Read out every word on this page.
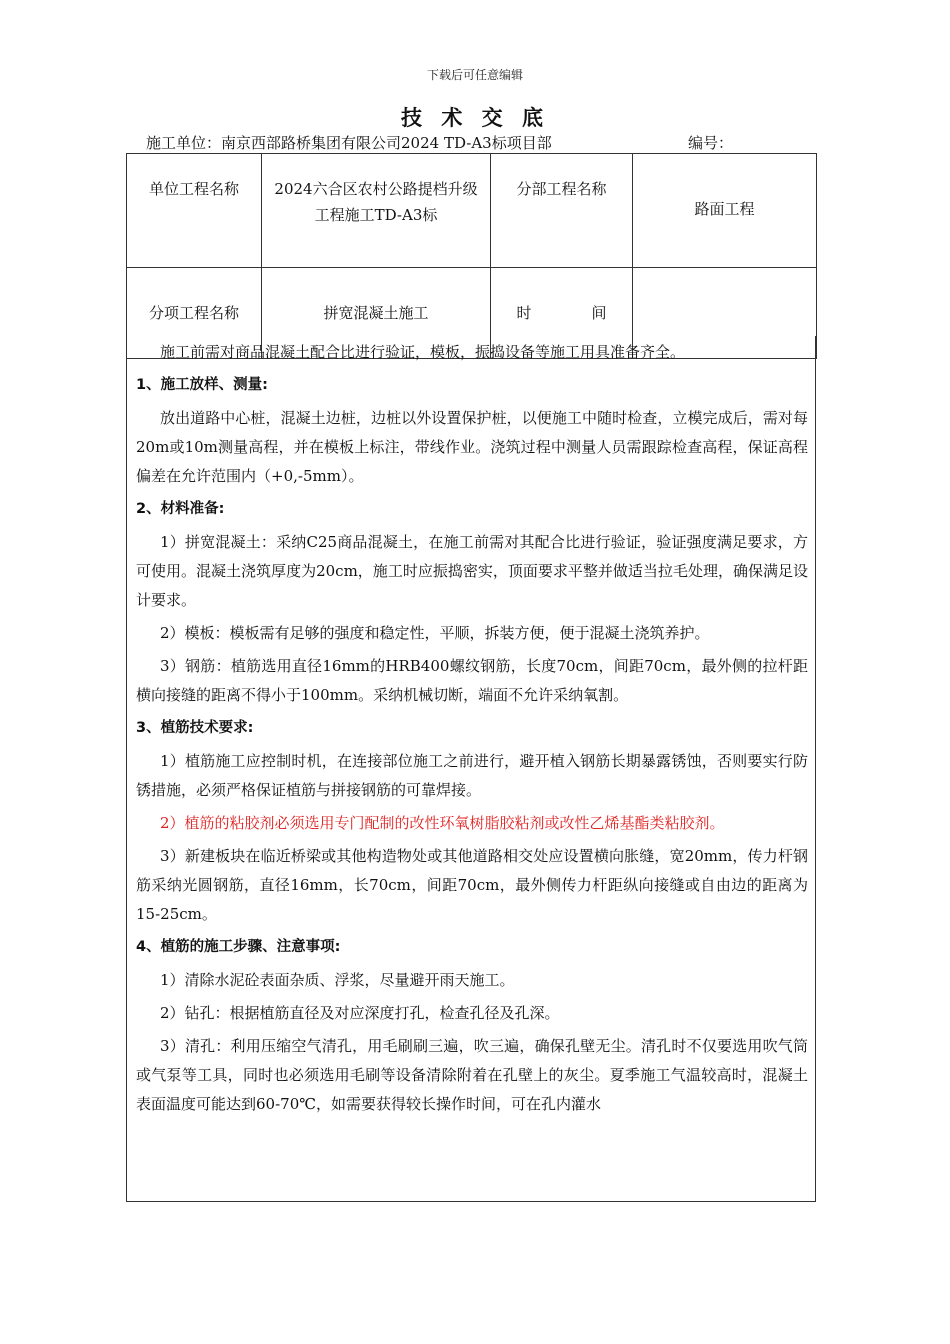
下载后可任意编辑
技 术 交 底
施工单位：南京西部路桥集团有限公司2024 TD-A3标项目部	编号：
单位工程名称	2024六合区农村公路提档升级工程施工TD-A3标	分部工程名称	路面工程
分项工程名称	拼宽混凝土施工	时 间	

施工前需对商品混凝土配合比进行验证，模板，振捣设备等施工用具准备齐全。

1、施工放样、测量:

放出道路中心桩，混凝土边桩，边桩以外设置保护桩，以便施工中随时检查，立模完成后，需对每20m或10m测量高程，并在模板上标注，带线作业。浇筑过程中测量人员需跟踪检查高程，保证高程偏差在允许范围内（+0,-5mm）。

2、材料准备:

1）拼宽混凝土：采纳C25商品混凝土，在施工前需对其配合比进行验证，验证强度满足要求，方可使用。混凝土浇筑厚度为20cm，施工时应振捣密实，顶面要求平整并做适当拉毛处理，确保满足设计要求。

2）模板：模板需有足够的强度和稳定性，平顺，拆装方便，便于混凝土浇筑养护。

3）钢筋：植筋选用直径16mm的HRB400螺纹钢筋，长度70cm，间距70cm，最外侧的拉杆距横向接缝的距离不得小于100mm。采纳机械切断，端面不允许采纳氧割。

3、植筋技术要求:

1）植筋施工应控制时机，在连接部位施工之前进行，避开植入钢筋长期暴露锈蚀，否则要实行防锈措施，必须严格保证植筋与拼接钢筋的可靠焊接。

2）植筋的粘胶剂必须选用专门配制的改性环氧树脂胶粘剂或改性乙烯基酯类粘胶剂。

3）新建板块在临近桥梁或其他构造物处或其他道路相交处应设置横向胀缝，宽20mm，传力杆钢筋采纳光圆钢筋，直径16mm，长70cm，间距70cm，最外侧传力杆距纵向接缝或自由边的距离为15-25cm。

4、植筋的施工步骤、注意事项:

1）清除水泥砼表面杂质、浮浆，尽量避开雨天施工。

2）钻孔：根据植筋直径及对应深度打孔，检查孔径及孔深。

3）清孔：利用压缩空气清孔，用毛刷刷三遍，吹三遍，确保孔壁无尘。清孔时不仅要选用吹气筒或气泵等工具，同时也必须选用毛刷等设备清除附着在孔壁上的灰尘。夏季施工气温较高时，混凝土表面温度可能达到60-70℃，如需要获得较长操作时间，可在孔内灌水
